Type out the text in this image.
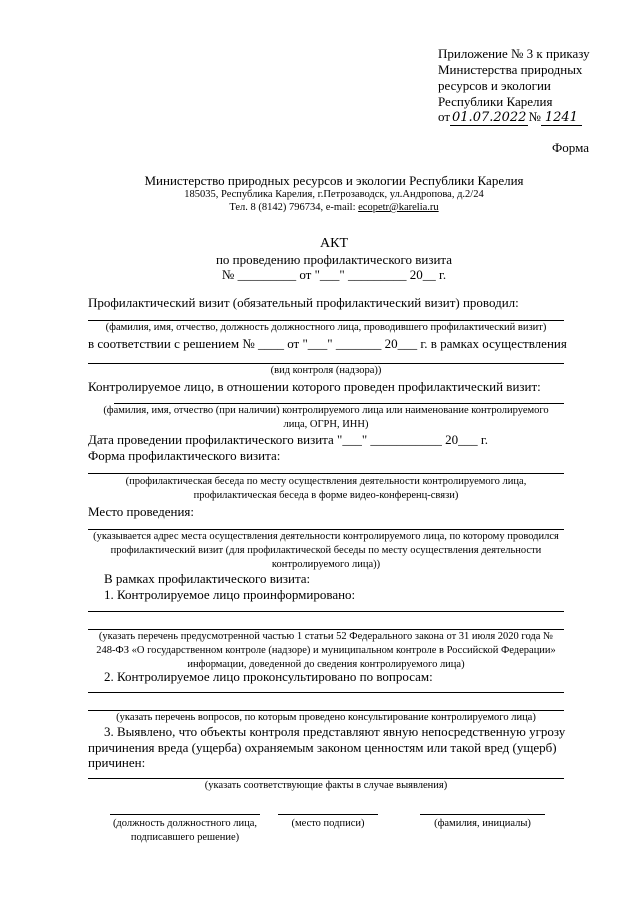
Приложение № 3 к приказу
Министерства природных
ресурсов и экологии
Республики Карелия
от 01.07.2022 № 1241
Форма
Министерство природных ресурсов и экологии Республики Карелия
185035, Республика Карелия, г.Петрозаводск, ул.Андропова, д.2/24
Тел. 8 (8142) 796734, e-mail: ecopetr@karelia.ru
АКТ
по проведению профилактического визита
№ _________ от "___" _________ 20__ г.
Профилактический визит (обязательный профилактический визит) проводил:
(фамилия, имя, отчество, должность должностного лица, проводившего профилактический визит)
в соответствии с решением № ____ от "___" _______ 20___ г. в рамках осуществления
(вид контроля (надзора))
Контролируемое лицо, в отношении которого проведен профилактический визит:
(фамилия, имя, отчество (при наличии) контролируемого лица или наименование контролируемого
лица, ОГРН, ИНН)
Дата проведении профилактического визита "___" ___________ 20___ г.
Форма профилактического визита:
(профилактическая беседа по месту осуществления деятельности контролируемого лица,
профилактическая беседа в форме видео-конференц-связи)
Место проведения:
(указывается адрес места осуществления деятельности контролируемого лица, по которому проводился
профилактический визит (для профилактической беседы по месту осуществления деятельности
контролируемого лица))
В рамках профилактического визита:
1. Контролируемое лицо проинформировано:
(указать перечень предусмотренной частью 1 статьи 52 Федерального закона от 31 июля 2020 года №
248-ФЗ «О государственном контроле (надзоре) и муниципальном контроле в Российской Федерации»
информации, доведенной до сведения контролируемого лица)
2. Контролируемое лицо проконсультировано по вопросам:
(указать перечень вопросов, по которым проведено консультирование контролируемого лица)
3. Выявлено, что объекты контроля представляют явную непосредственную угрозу
причинения вреда (ущерба) охраняемым законом ценностям или такой вред (ущерб)
причинен:
(указать соответствующие факты в случае выявления)
(должность должностного лица,
подписавшего решение)
(место подписи)	(фамилия, инициалы)
